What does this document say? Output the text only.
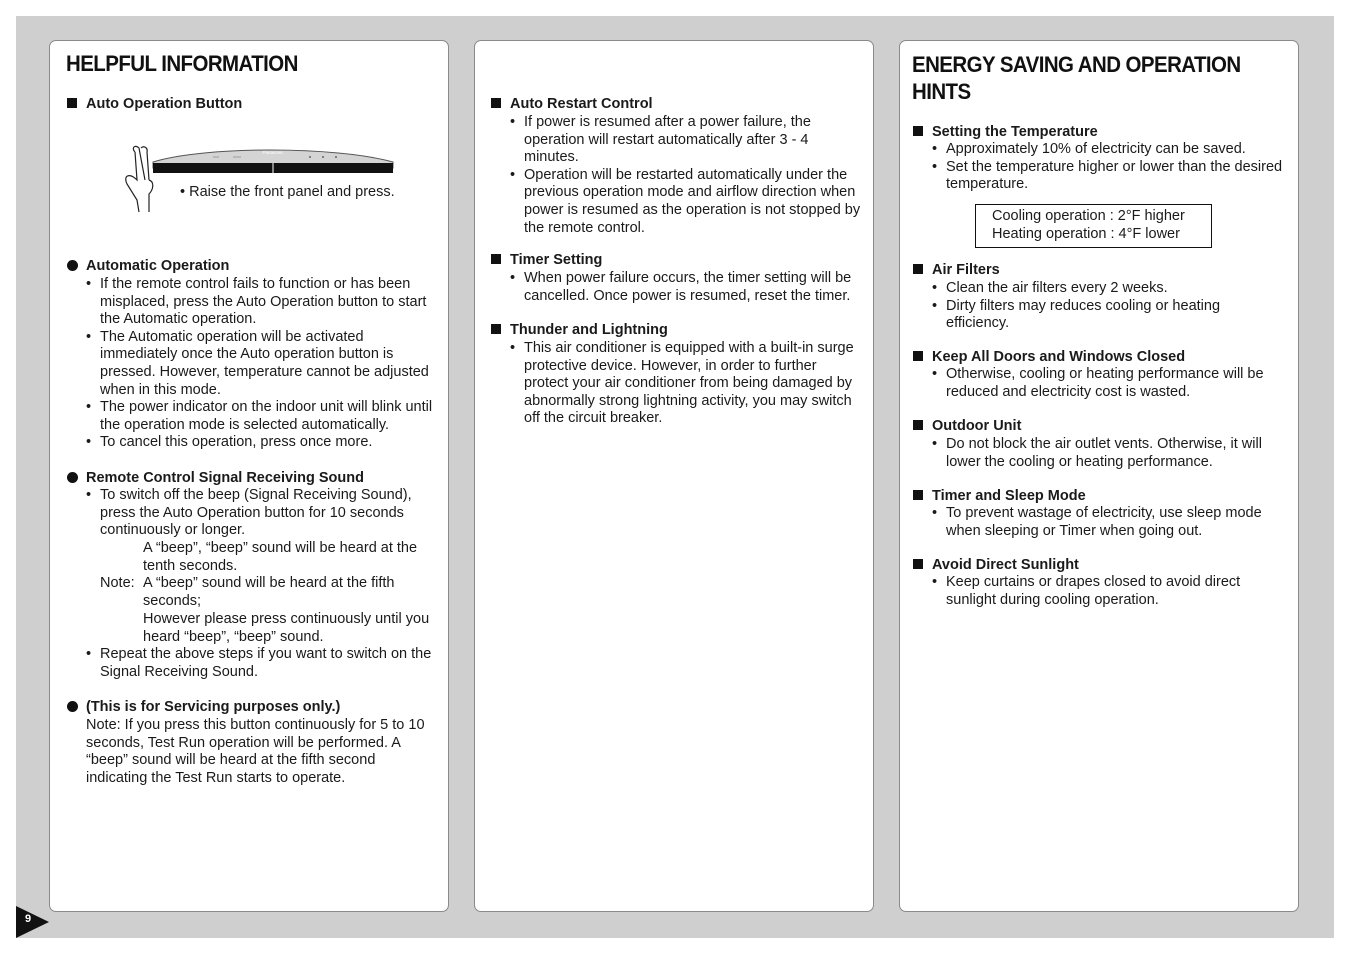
HELPFUL INFORMATION
Auto Operation Button
Panasonic
• Raise the front panel and press.
Automatic Operation
• If the remote control fails to function or has been misplaced, press the Auto Operation button to start the Automatic operation.
• The Automatic operation will be activated immediately once the Auto operation button is pressed. However, temperature cannot be adjusted when in this mode.
• The power indicator on the indoor unit will blink until the operation mode is selected automatically.
• To cancel this operation, press once more.
Remote Control Signal Receiving Sound
• To switch off the beep (Signal Receiving Sound), press the Auto Operation button for 10 seconds continuously or longer.
A “beep”, “beep” sound will be heard at the tenth seconds.
Note: A “beep” sound will be heard at the fifth seconds;
However please press continuously until you heard “beep”, “beep” sound.
• Repeat the above steps if you want to switch on the Signal Receiving Sound.
(This is for Servicing purposes only.)
Note: If you press this button continuously for 5 to 10 seconds, Test Run operation will be performed. A “beep” sound will be heard at the fifth second indicating the Test Run starts to operate.
Auto Restart Control
• If power is resumed after a power failure, the operation will restart automatically after 3 - 4 minutes.
• Operation will be restarted automatically under the previous operation mode and airflow direction when power is resumed as the operation is not stopped by the remote control.
Timer Setting
• When power failure occurs, the timer setting will be cancelled. Once power is resumed, reset the timer.
Thunder and Lightning
• This air conditioner is equipped with a built-in surge protective device. However, in order to further protect your air conditioner from being damaged by abnormally strong lightning activity, you may switch off the circuit breaker.
ENERGY SAVING AND OPERATION HINTS
Setting the Temperature
• Approximately 10% of electricity can be saved.
• Set the temperature higher or lower than the desired temperature.
Cooling operation : 2°F higher
Heating operation : 4°F lower
Air Filters
• Clean the air filters every 2 weeks.
• Dirty filters may reduces cooling or heating efficiency.
Keep All Doors and Windows Closed
• Otherwise, cooling or heating performance will be reduced and electricity cost is wasted.
Outdoor Unit
• Do not block the air outlet vents. Otherwise, it will lower the cooling or heating performance.
Timer and Sleep Mode
• To prevent wastage of electricity, use sleep mode when sleeping or Timer when going out.
Avoid Direct Sunlight
• Keep curtains or drapes closed to avoid direct sunlight during cooling operation.
9
